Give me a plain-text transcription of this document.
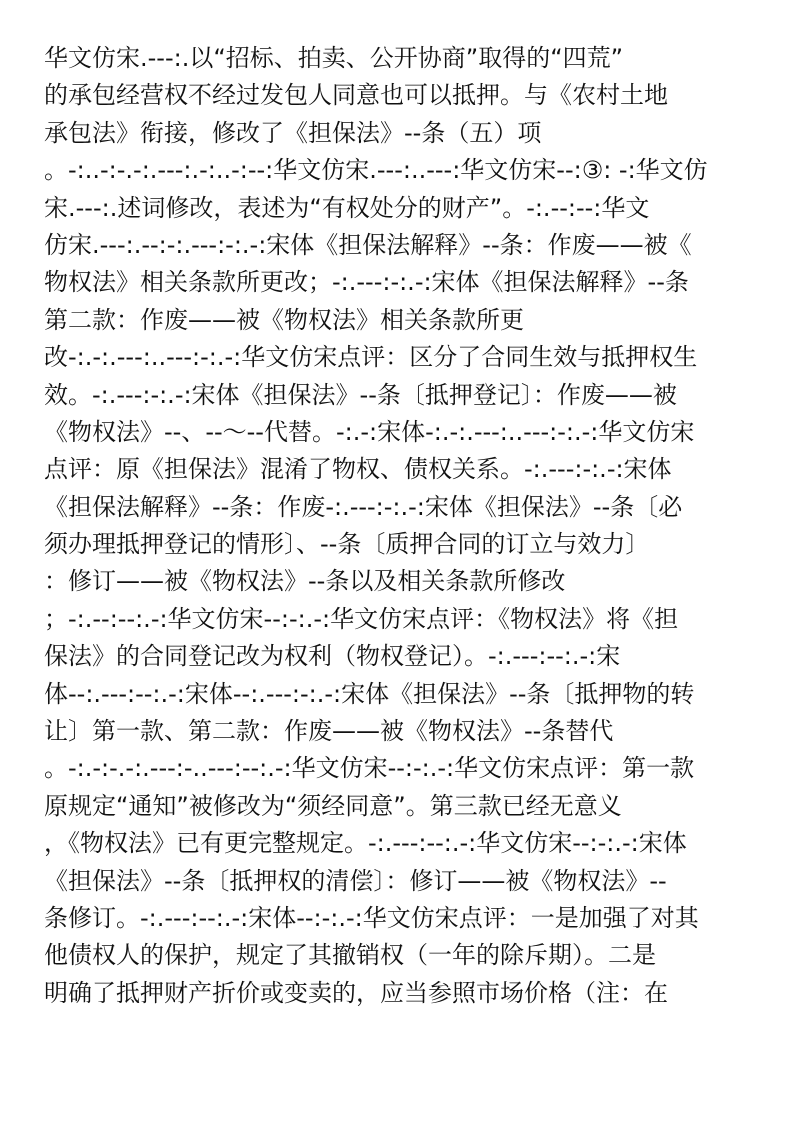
华文仿宋.---:.以“招标、拍卖、公开协商”取得的“四荒”
的承包经营权不经过发包人同意也可以抵押。与《农村土地
承包法》衔接，修改了《担保法》--条（五）项
。-:..-:-.-:.---:.-:..-:--:华文仿宋.---:..---:华文仿宋--:③: -:华文仿
宋.---:.述词修改，表述为“有权处分的财产”。-:.--:--:华文
仿宋.---:.--:-:.---:-:.-:宋体《担保法解释》--条：作废——被《
物权法》相关条款所更改；-:.---:-:.-:宋体《担保法解释》--条
第二款：作废——被《物权法》相关条款所更
改-:.-:.---:..---:-:.-:华文仿宋点评：区分了合同生效与抵押权生
效。-:.---:-:.-:宋体《担保法》--条〔抵押登记〕：作废——被
《物权法》--、--～--代替。-:.-:宋体-:.-:.---:..---:-:.-:华文仿宋
点评：原《担保法》混淆了物权、债权关系。-:.---:-:.-:宋体
《担保法解释》--条：作废-:.---:-:.-:宋体《担保法》--条〔必
须办理抵押登记的情形〕、--条〔质押合同的订立与效力〕
：修订——被《物权法》--条以及相关条款所修改
；-:.--:--:.-:华文仿宋--:-:.-:华文仿宋点评：《物权法》将《担
保法》的合同登记改为权利（物权登记）。-:.---:--:.-:宋
体--:.---:--:.-:宋体--:.---:-:.-:宋体《担保法》--条〔抵押物的转
让〕第一款、第二款：作废——被《物权法》--条替代
。-:.-:-.-:.---:-..---:--:.-:华文仿宋--:-:.-:华文仿宋点评：第一款
原规定“通知”被修改为“须经同意”。第三款已经无意义
，《物权法》已有更完整规定。-:.---:--:.-:华文仿宋--:-:.-:宋体
《担保法》--条〔抵押权的清偿〕：修订——被《物权法》--
条修订。-:.---:--:.-:宋体--:-:.-:华文仿宋点评：一是加强了对其
他债权人的保护，规定了其撤销权（一年的除斥期）。二是
明确了抵押财产折价或变卖的，应当参照市场价格（注：在
